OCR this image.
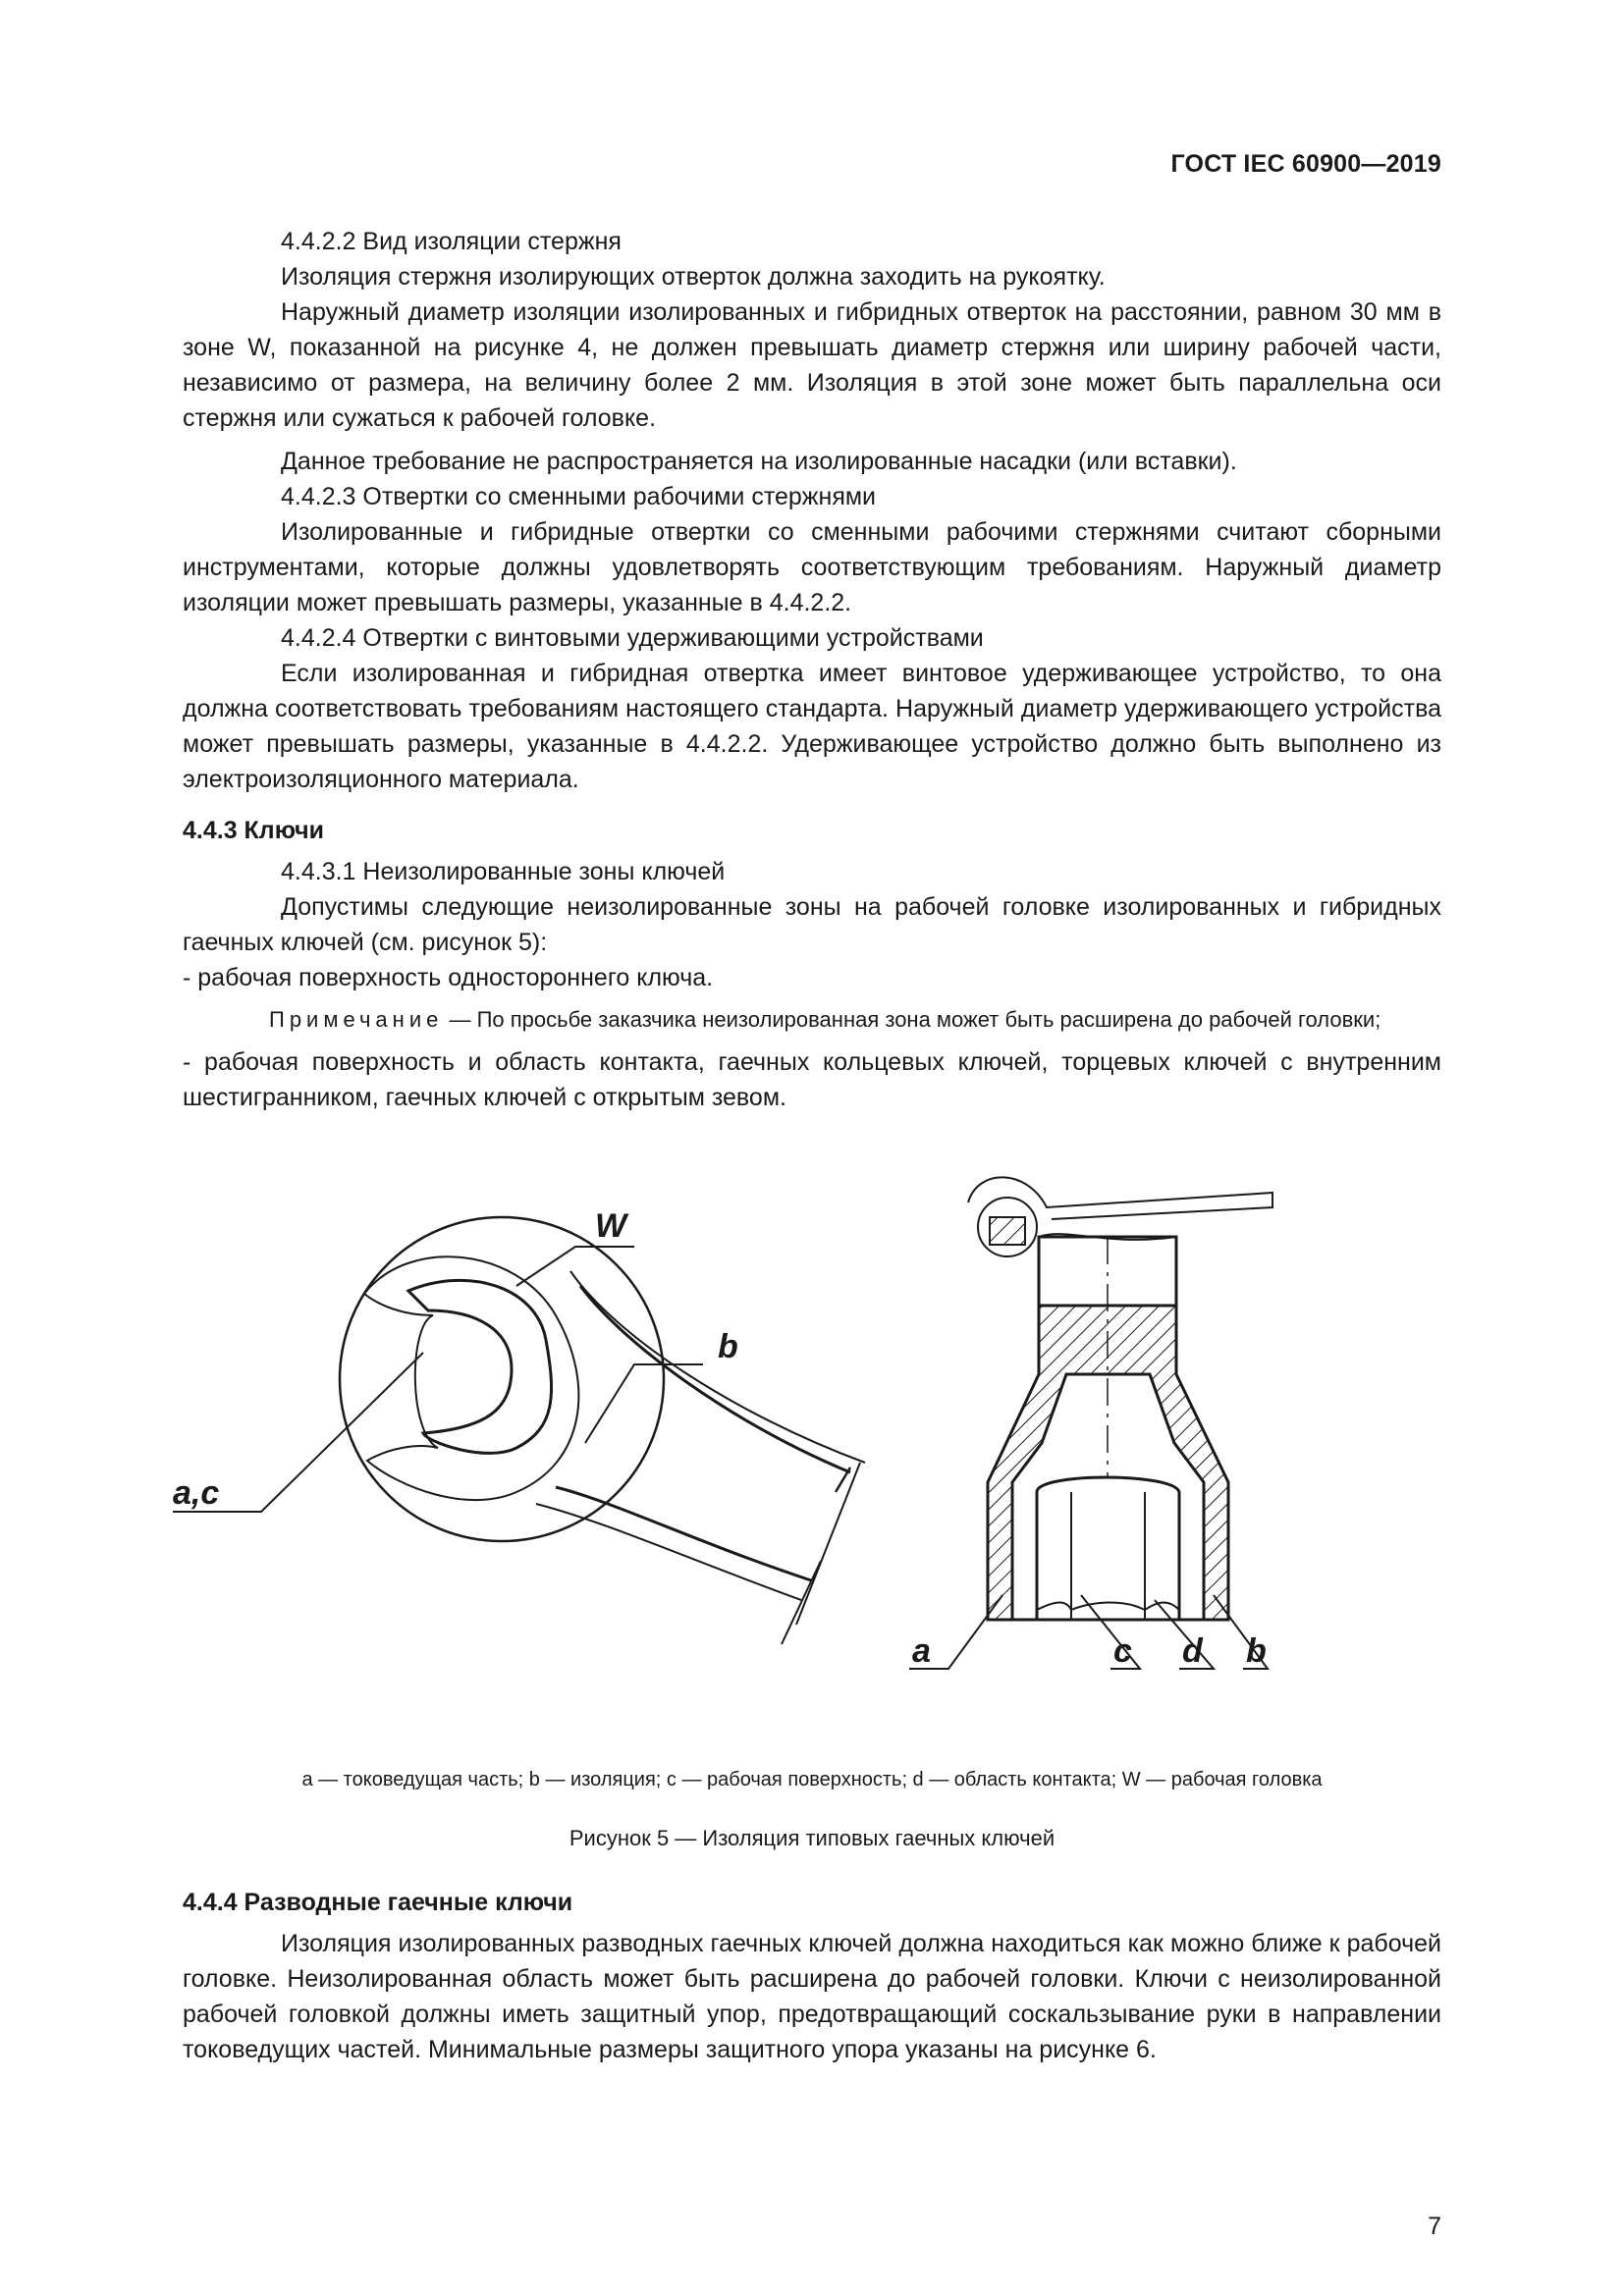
ГОСТ IEC 60900—2019

4.4.2.2 Вид изоляции стержня

Изоляция стержня изолирующих отверток должна заходить на рукоятку.

Наружный диаметр изоляции изолированных и гибридных отверток на расстоянии, равном 30 мм в зоне W, показанной на рисунке 4, не должен превышать диаметр стержня или ширину рабочей части, независимо от размера, на величину более 2 мм. Изоляция в этой зоне может быть параллельна оси стержня или сужаться к рабочей головке.

Данное требование не распространяется на изолированные насадки (или вставки).

4.4.2.3 Отвертки со сменными рабочими стержнями

Изолированные и гибридные отвертки со сменными рабочими стержнями считают сборными инструментами, которые должны удовлетворять соответствующим требованиям. Наружный диаметр изоляции может превышать размеры, указанные в 4.4.2.2.

4.4.2.4 Отвертки с винтовыми удерживающими устройствами

Если изолированная и гибридная отвертка имеет винтовое удерживающее устройство, то она должна соответствовать требованиям настоящего стандарта. Наружный диаметр удерживающего устройства может превышать размеры, указанные в 4.4.2.2. Удерживающее устройство должно быть выполнено из электроизоляционного материала.

4.4.3 Ключи

4.4.3.1 Неизолированные зоны ключей

Допустимы следующие неизолированные зоны на рабочей головке изолированных и гибридных гаечных ключей (см. рисунок 5):

- рабочая поверхность одностороннего ключа.

Примечание — По просьбе заказчика неизолированная зона может быть расширена до рабочей головки;

- рабочая поверхность и область контакта, гаечных кольцевых ключей, торцевых ключей с внутренним шестигранником, гаечных ключей с открытым зевом.

a,c
W
b
a	c d b
a — токоведущая часть; b — изоляция; c — рабочая поверхность; d — область контакта; W — рабочая головка
Рисунок 5 — Изоляция типовых гаечных ключей

4.4.4 Разводные гаечные ключи

Изоляция изолированных разводных гаечных ключей должна находиться как можно ближе к рабочей головке. Неизолированная область может быть расширена до рабочей головки. Ключи с неизолированной рабочей головкой должны иметь защитный упор, предотвращающий соскальзывание руки в направлении токоведущих частей. Минимальные размеры защитного упора указаны на рисунке 6.

7
